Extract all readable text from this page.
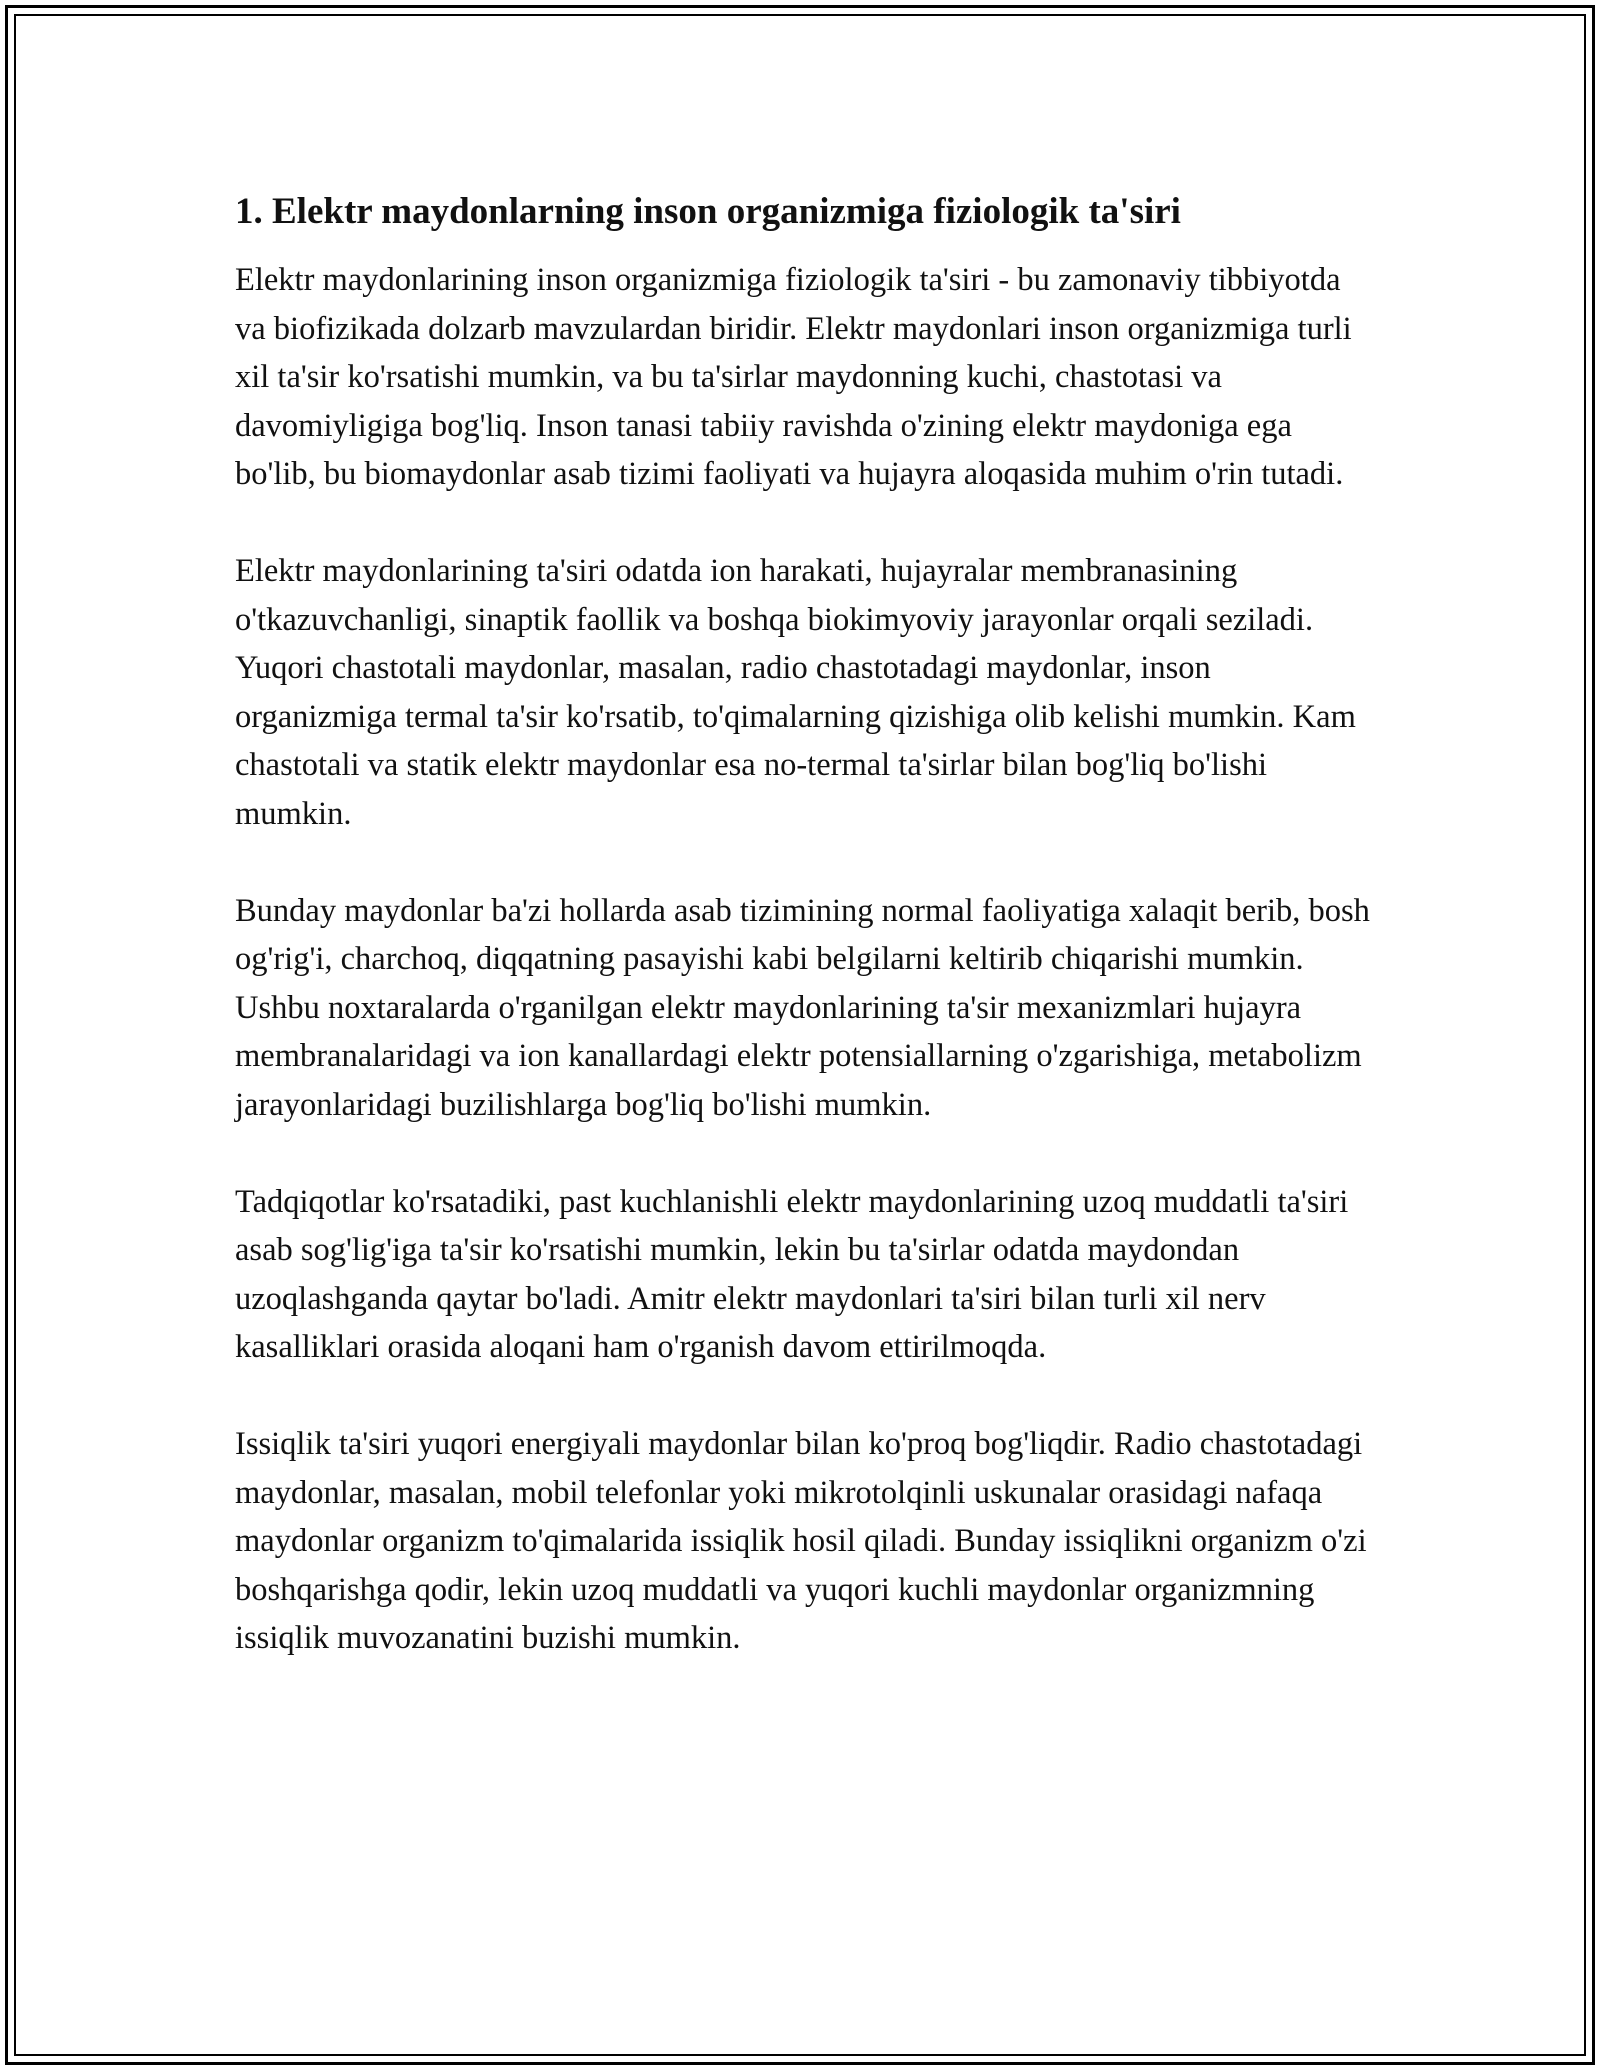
1. Elektr maydonlarning inson organizmiga fiziologik ta'siri

Elektr maydonlarining inson organizmiga fiziologik ta'siri - bu zamonaviy tibbiyotda va biofizikada dolzarb mavzulardan biridir. Elektr maydonlari inson organizmiga turli xil ta'sir ko'rsatishi mumkin, va bu ta'sirlar maydonning kuchi, chastotasi va davomiyligiga bog'liq. Inson tanasi tabiiy ravishda o'zining elektr maydoniga ega bo'lib, bu biomaydonlar asab tizimi faoliyati va hujayra aloqasida muhim o'rin tutadi.

Elektr maydonlarining ta'siri odatda ion harakati, hujayralar membranasining o'tkazuvchanligi, sinaptik faollik va boshqa biokimyoviy jarayonlar orqali seziladi. Yuqori chastotali maydonlar, masalan, radio chastotadagi maydonlar, inson organizmiga termal ta'sir ko'rsatib, to'qimalarning qizishiga olib kelishi mumkin. Kam chastotali va statik elektr maydonlar esa no-termal ta'sirlar bilan bog'liq bo'lishi mumkin.

Bunday maydonlar ba'zi hollarda asab tizimining normal faoliyatiga xalaqit berib, bosh og'rig'i, charchoq, diqqatning pasayishi kabi belgilarni keltirib chiqarishi mumkin. Ushbu noxtaralarda o'rganilgan elektr maydonlarining ta'sir mexanizmlari hujayra membranalaridagi va ion kanallardagi elektr potensiallarning o'zgarishiga, metabolizm jarayonlaridagi buzilishlarga bog'liq bo'lishi mumkin.

Tadqiqotlar ko'rsatadiki, past kuchlanishli elektr maydonlarining uzoq muddatli ta'siri asab sog'lig'iga ta'sir ko'rsatishi mumkin, lekin bu ta'sirlar odatda maydondan uzoqlashganda qaytar bo'ladi. Amitr elektr maydonlari ta'siri bilan turli xil nerv kasalliklari orasida aloqani ham o'rganish davom ettirilmoqda.

Issiqlik ta'siri yuqori energiyali maydonlar bilan ko'proq bog'liqdir. Radio chastotadagi maydonlar, masalan, mobil telefonlar yoki mikrotolqinli uskunalar orasidagi nafaqa maydonlar organizm to'qimalarida issiqlik hosil qiladi. Bunday issiqlikni organizm o'zi boshqarishga qodir, lekin uzoq muddatli va yuqori kuchli maydonlar organizmning issiqlik muvozanatini buzishi mumkin.
